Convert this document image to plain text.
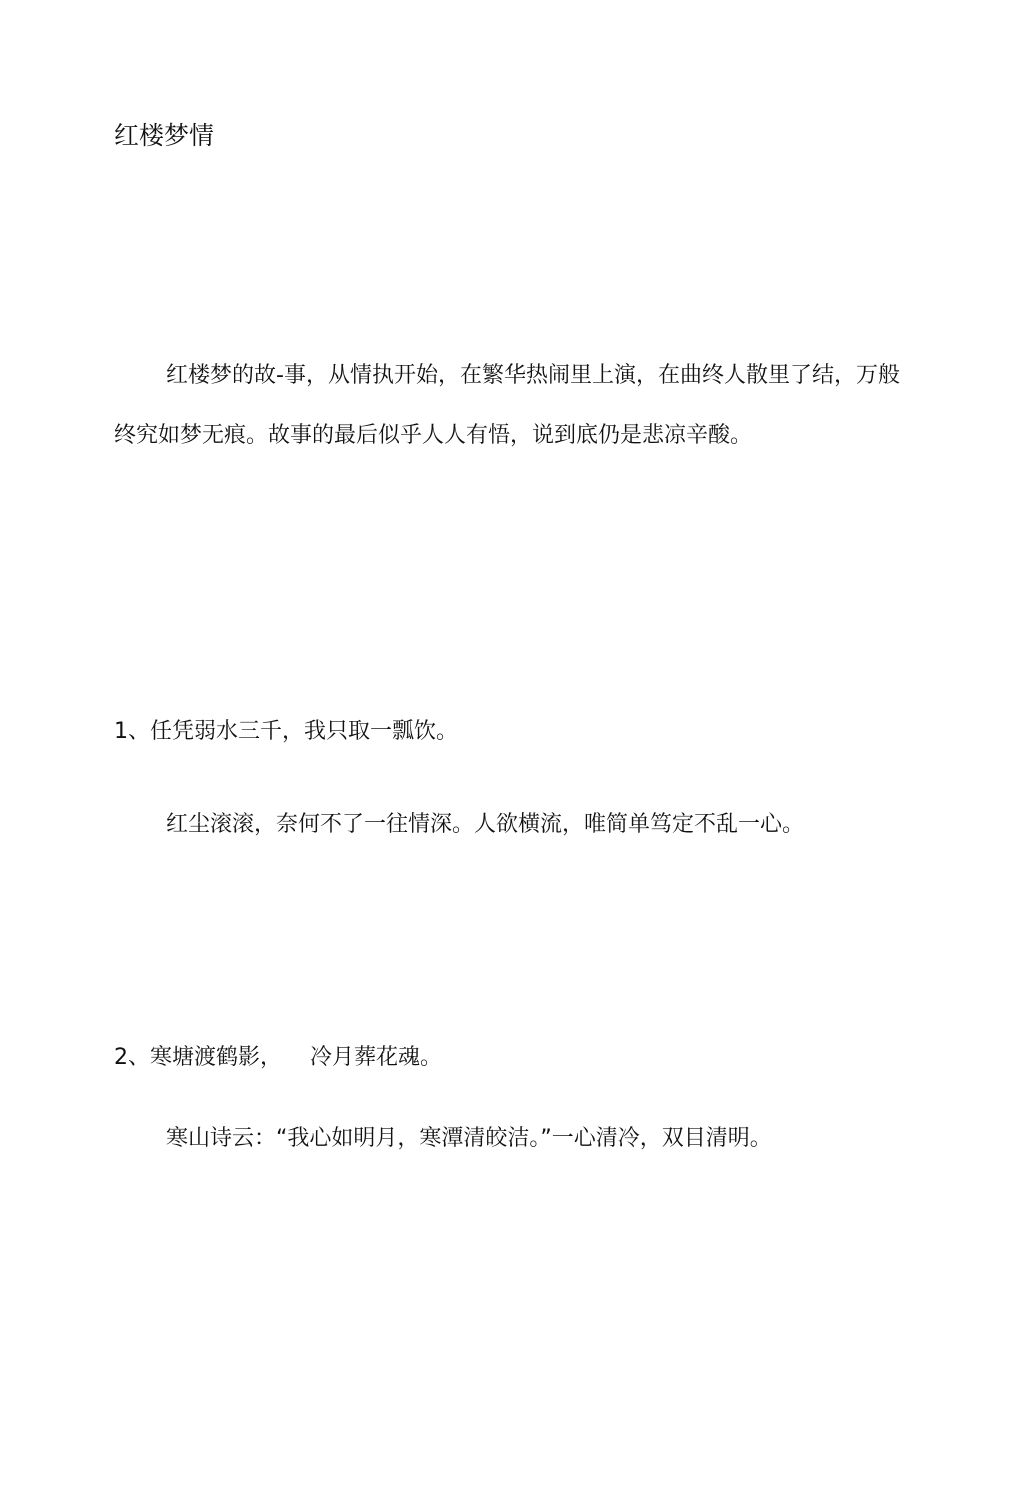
红楼梦情
红楼梦的故-事，从情执开始，在繁华热闹里上演，在曲终人散里了结，万般终究如梦无痕。故事的最后似乎人人有悟，说到底仍是悲凉辛酸。
1、任凭弱水三千，我只取一瓢饮。
红尘滚滚，奈何不了一往情深。人欲横流，唯简单笃定不乱一心。
2、寒塘渡鹤影， 冷月葬花魂。
寒山诗云：“我心如明月，寒潭清皎洁。”一心清冷，双目清明。
